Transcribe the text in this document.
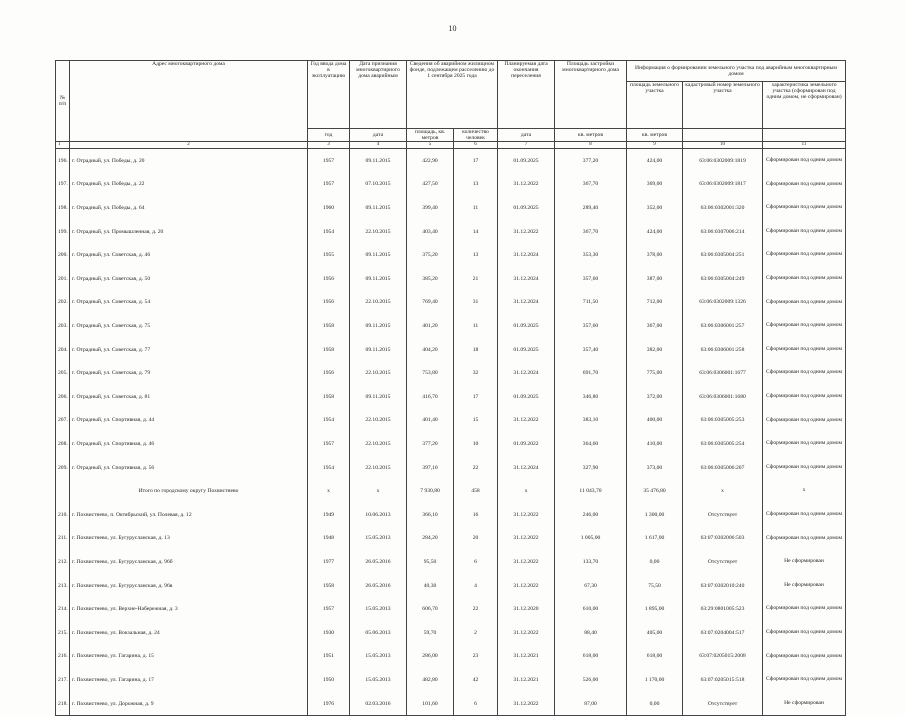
10
№ п/п	Адрес многоквартирного дома	Год ввода дома в эксплуатацию	Дата признания многоквартирного дома аварийным	Сведения об аварийном жилищном фонде, подлежащем расселению до 1 сентября 2025 года		Планируемая дата окончания переселения	Площадь застройки многоквартирного дома	Информация о формировании земельного участка под аварийным многоквартирным домом		
								площадь земельного участка	кадастровый номер земельного участка	характеристика земельного участка (сформирован под одним домом, не сформирован)
		год	дата	площадь, кв. метров	количество человек	дата	кв. метров	кв. метров		
1	2	3	4	5	6	7	8	9	10	11
196.	г. Отрадный, ул. Победы, д. 20	1957	09.11.2015	422,90	17	01.09.2025	377,20	424,00	63:06:0302009:1819	Сформирован под одним домом
197.	г. Отрадный, ул. Победы, д. 22	1957	07.10.2015	427,50	13	31.12.2022	367,70	369,00	63:06:0302009:1817	Сформирован под одним домом
198.	г. Отрадный, ул. Победы, д. 64	1960	09.11.2015	399,40	11	01.09.2025	289,40	352,00	63:06:0302001:320	Сформирован под одним домом
199.	г. Отрадный, ул. Промышленная, д. 20	1954	22.10.2015	403,40	14	31.12.2022	367,70	424,00	63:06:0307006:214	Сформирован под одним домом
200.	г. Отрадный, ул. Советская, д. 46	1955	09.11.2015	375,20	13	31.12.2024	353,30	378,00	63:06:0305004:251	Сформирован под одним домом
201.	г. Отрадный, ул. Советская, д. 50	1956	09.11.2015	385,20	21	31.12.2024	357,60	387,00	63:06:0305004:249	Сформирован под одним домом
202.	г. Отрадный, ул. Советская, д. 54	1956	22.10.2015	769,40	31	31.12.2024	711,50	712,00	63:06:0302009:1326	Сформирован под одним домом
203.	г. Отрадный, ул. Советская, д. 75	1958	09.11.2015	401,20	11	01.09.2025	357,60	367,00	63:06:0306001:257	Сформирован под одним домом
204.	г. Отрадный, ул. Советская, д. 77	1958	09.11.2015	404,20	18	01.09.2025	357,40	382,00	63:06:0306001:258	Сформирован под одним домом
205.	г. Отрадный, ул. Советская, д. 79	1956	22.10.2015	753,80	32	31.12.2024	691,70	775,00	63:06:0306001:1677	Сформирован под одним домом
206.	г. Отрадный, ул. Советская, д. 81	1958	09.11.2015	416,70	17	01.09.2025	346,80	372,00	63:06:0306001:1680	Сформирован под одним домом
207.	г. Отрадный, ул. Спортивная, д. 44	1954	22.10.2015	401,40	15	31.12.2022	383,10	400,00	63:06:0305005:253	Сформирован под одним домом
208.	г. Отрадный, ул. Спортивная, д. 46	1957	22.10.2015	377,20	10	01.09.2022	364,60	410,00	63:06:0305005:254	Сформирован под одним домом
209.	г. Отрадный, ул. Спортивная, д. 56	1954	22.10.2015	397,10	22	31.12.2024	327,90	373,00	63:06:0305006:207	Сформирован под одним домом
	Итого по городскому округу Похвистнево	x	x	7 930,80	458	x	11 043,70	35 476,80	x	x
210.	г. Похвистнево, п. Октябрьский, ул. Полевая, д. 12	1949	10.06.2013	366,10	16	31.12.2022	246,00	1 300,00	Отсутствует	Сформирован под одним домом
211.	г. Похвистнево, ул. Бугурусланская, д. 13	1948	15.05.2013	284,20	20	31.12.2022	1 005,00	1 617,00	63:07:0302006:503	Сформирован под одним домом
212.	г. Похвистнево, ул. Бугурусланская, д. 96б	1977	26.05.2016	95,50	6	31.12.2022	133,70	0,00	Отсутствует	Не сформирован
213.	г. Похвистнево, ул. Бугурусланская, д. 96в	1958	26.05.2016	40,30	4	31.12.2022	67,30	75,50	63:07:0302010:240	Не сформирован
214.	г. Похвистнево, ул. Верхне-Набережная, д. 3	1957	15.05.2013	606,70	22	31.12.2020	610,00	1 895,00	63:29:0801005:523	Сформирован под одним домом
215.	г. Похвистнево, ул. Вокзальная, д. 24	1930	05.06.2013	59,70	2	31.12.2022	88,40	405,00	63:07:0204004:517	Сформирован под одним домом
216.	г. Похвистнево, ул. Гагарина, д. 15	1951	15.05.2013	286,00	23	31.12.2021	618,00	618,00	63:07:0205015:2008	Сформирован под одним домом
217.	г. Похвистнево, ул. Гагарина, д. 17	1950	15.05.2013	482,80	42	31.12.2021	526,00	1 170,00	63:07:0205015:518	Сформирован под одним домом
218.	г. Похвистнево, ул. Дорожная, д. 9	1976	02.03.2016	101,60	6	31.12.2022	87,00	0,00	Отсутствует	Не сформирован
